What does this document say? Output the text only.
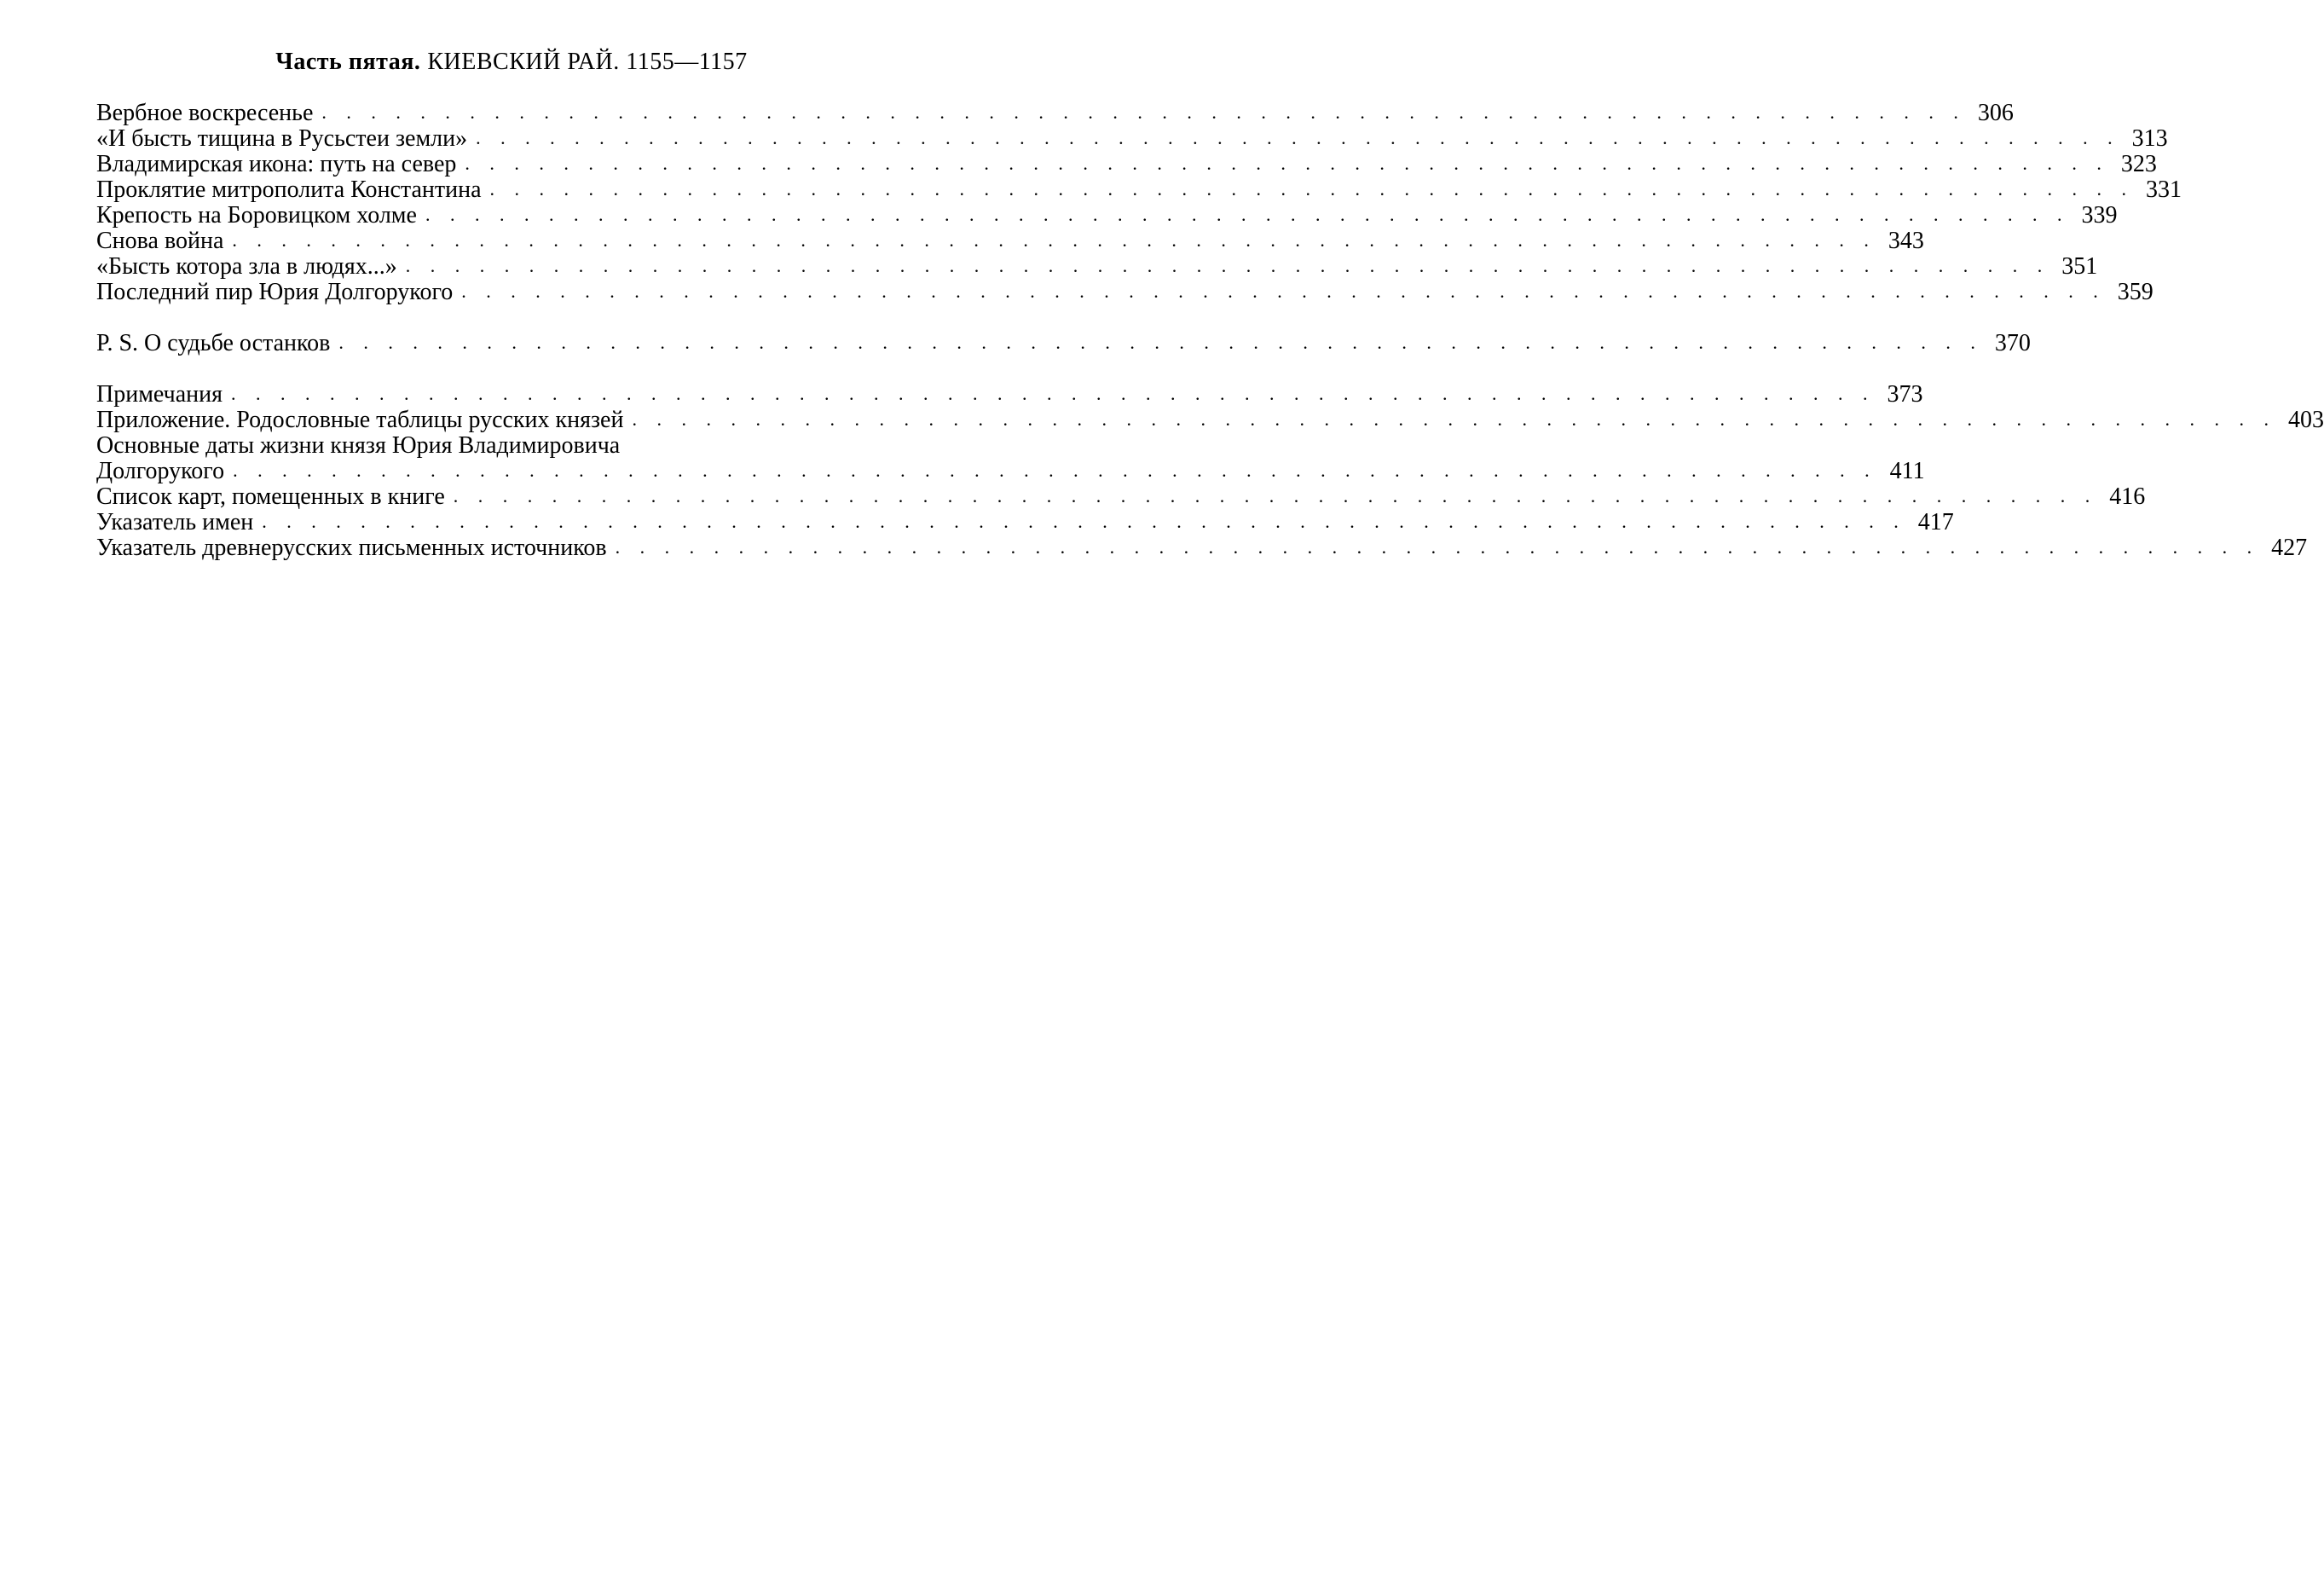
Часть пятая. КИЕВСКИЙ РАЙ. 1155—1157
Вербное воскресенье . . . . . . . . . . . . . . . . . . . . . . . . . . . . . . . . . . . . . . . . . . . . . . . . . . . . . . . . . . . . . . . . . . . 306
«И бысть тищина в Русьстеи земли» . . . . . . . . . . . . . . . . . . . . . . . . . . . . . . . . . . . . . . . . . . . . . . . . . . . . . . . . . . . . . . . . . . . 313
Владимирская икона: путь на север . . . . . . . . . . . . . . . . . . . . . . . . . . . . . . . . . . . . . . . . . . . . . . . . . . . . . . . . . . . . . . . . . . . 323
Проклятие митрополита Константина . . . . . . . . . . . . . . . . . . . . . . . . . . . . . . . . . . . . . . . . . . . . . . . . . . . . . . . . . . . . . . . . . . . 331
Крепость на Боровицком холме . . . . . . . . . . . . . . . . . . . . . . . . . . . . . . . . . . . . . . . . . . . . . . . . . . . . . . . . . . . . . . . . . . . 339
Снова война . . . . . . . . . . . . . . . . . . . . . . . . . . . . . . . . . . . . . . . . . . . . . . . . . . . . . . . . . . . . . . . . . . . 343
«Бысть котора зла в людях...» . . . . . . . . . . . . . . . . . . . . . . . . . . . . . . . . . . . . . . . . . . . . . . . . . . . . . . . . . . . . . . . . . . . 351
Последний пир Юрия Долгорукого . . . . . . . . . . . . . . . . . . . . . . . . . . . . . . . . . . . . . . . . . . . . . . . . . . . . . . . . . . . . . . . . . . . 359
P. S. О судьбе останков . . . . . . . . . . . . . . . . . . . . . . . . . . . . . . . . . . . . . . . . . . . . . . . . . . . . . . . . . . . . . . . . . . . 370
Примечания . . . . . . . . . . . . . . . . . . . . . . . . . . . . . . . . . . . . . . . . . . . . . . . . . . . . . . . . . . . . . . . . . . . 373
Приложение. Родословные таблицы русских князей . . . . . . . . . . . . . . . . . . . . . . . . . . . . . . . . . . . . . . . . . . . . . . . . . . . . . . . . . . . . . . . . . . . 403
Основные даты жизни князя Юрия Владимировича
Долгорукого . . . . . . . . . . . . . . . . . . . . . . . . . . . . . . . . . . . . . . . . . . . . . . . . . . . . . . . . . . . . . . . . . . . 411
Список карт, помещенных в книге . . . . . . . . . . . . . . . . . . . . . . . . . . . . . . . . . . . . . . . . . . . . . . . . . . . . . . . . . . . . . . . . . . . 416
Указатель имен . . . . . . . . . . . . . . . . . . . . . . . . . . . . . . . . . . . . . . . . . . . . . . . . . . . . . . . . . . . . . . . . . . . 417
Указатель древнерусских письменных источников . . . . . . . . . . . . . . . . . . . . . . . . . . . . . . . . . . . . . . . . . . . . . . . . . . . . . . . . . . . . . . . . . . . 427
